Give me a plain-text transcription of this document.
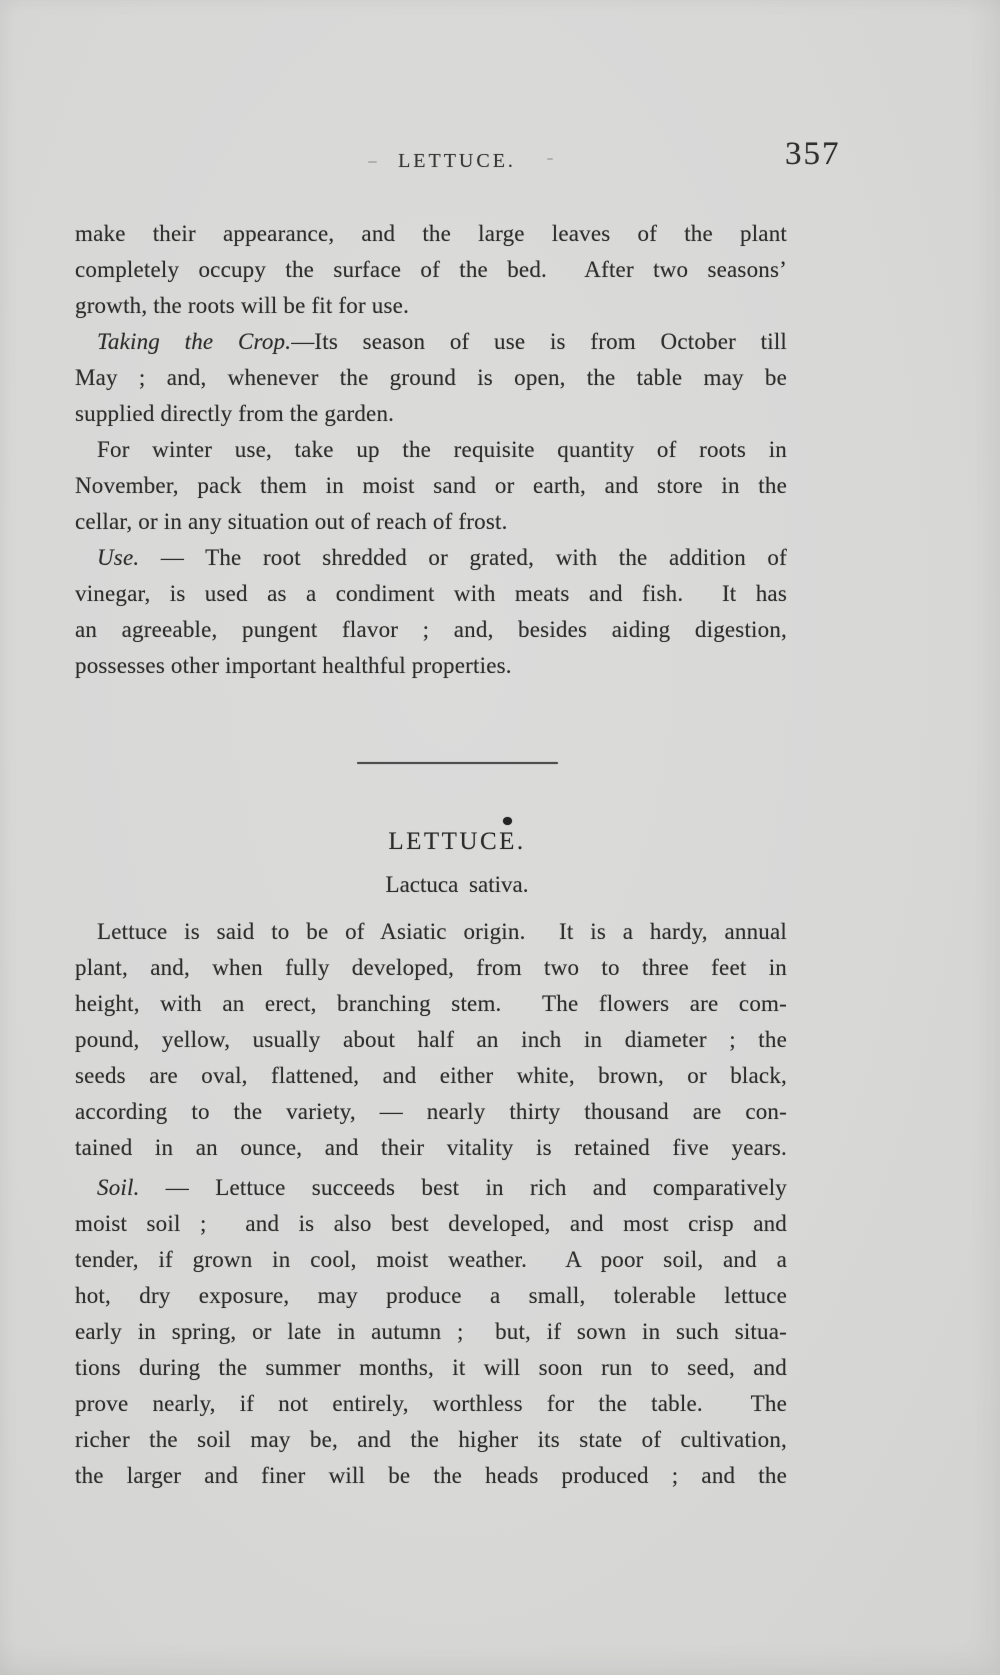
LETTUCE.	357
make their appearance, and the large leaves of the plant
completely occupy the surface of the bed.  After two seasons’
growth, the roots will be fit for use.
Taking the Crop.—Its season of use is from October till
May ; and, whenever the ground is open, the table may be
supplied directly from the garden.
For winter use, take up the requisite quantity of roots in
November, pack them in moist sand or earth, and store in the
cellar, or in any situation out of reach of frost.
Use. — The root shredded or grated, with the addition of
vinegar, is used as a condiment with meats and fish.  It has
an agreeable, pungent flavor ; and, besides aiding digestion,
possesses other important healthful properties.
LETTUCE.
Lactuca sativa.
Lettuce is said to be of Asiatic origin.  It is a hardy, annual
plant, and, when fully developed, from two to three feet in
height, with an erect, branching stem.  The flowers are com-
pound, yellow, usually about half an inch in diameter ; the
seeds are oval, flattened, and either white, brown, or black,
according to the variety, — nearly thirty thousand are con-
tained in an ounce, and their vitality is retained five years.
Soil. — Lettuce succeeds best in rich and comparatively
moist soil ;  and is also best developed, and most crisp and
tender, if grown in cool, moist weather.  A poor soil, and a
hot, dry exposure, may produce a small, tolerable lettuce
early in spring, or late in autumn ;  but, if sown in such situa-
tions during the summer months, it will soon run to seed, and
prove nearly, if not entirely, worthless for the table.  The
richer the soil may be, and the higher its state of cultivation,
the larger and finer will be the heads produced ; and the
